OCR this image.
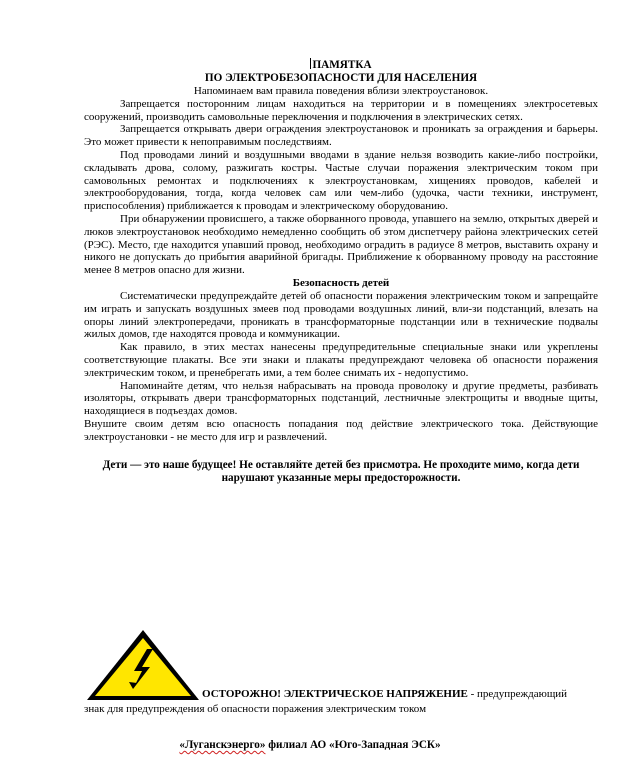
ПАМЯТКА
ПО ЭЛЕКТРОБЕЗОПАСНОСТИ ДЛЯ НАСЕЛЕНИЯ

Напоминаем вам правила поведения вблизи электроустановок.

Запрещается посторонним лицам находиться на территории и в помещениях электросетевых сооружений, производить самовольные переключения и подключения в электрических сетях.

Запрещается открывать двери ограждения электроустановок и проникать за ограждения и барьеры. Это может привести к непоправимым последствиям.

Под проводами линий и воздушными вводами в здание нельзя возводить какие-либо постройки, складывать дрова, солому, разжигать костры. Частые случаи поражения электрическим током при самовольных ремонтах и подключениях к электроустановкам, хищениях проводов, кабелей и электрооборудования, тогда, когда человек сам или чем-либо (удочка, части техники, инструмент, приспособления) приближается к проводам и электрическому оборудованию.

При обнаружении провисшего, а также оборванного провода, упавшего на землю, открытых дверей и люков электроустановок необходимо немедленно сообщить об этом диспетчеру района электрических сетей (РЭС). Место, где находится упавший провод, необходимо оградить в радиусе 8 метров, выставить охрану и никого не допускать до прибытия аварийной бригады. Приближение к оборванному проводу на расстояние менее 8 метров опасно для жизни.

Безопасность детей

Систематически предупреждайте детей об опасности поражения электрическим током и запрещайте им играть и запускать воздушных змеев под проводами воздушных линий, вли-зи подстанций, влезать на опоры линий электропередачи, проникать в трансформаторные подстанции или в технические подвалы жилых домов, где находятся провода и коммуникации.

Как правило, в этих местах нанесены предупредительные специальные знаки или укреплены соответствующие плакаты. Все эти знаки и плакаты предупреждают человека об опасности поражения электрическим током, и пренебрегать ими, а тем более снимать их - недопустимо.

Напоминайте детям, что нельзя набрасывать на провода проволоку и другие предметы, разбивать изоляторы, открывать двери трансформаторных подстанций, лестничные электрощиты и вводные щиты, находящиеся в подъездах домов.

Внушите своим детям всю опасность попадания под действие электрического тока. Действующие электроустановки - не место для игр и развлечений.

Дети — это наше будущее! Не оставляйте детей без присмотра. Не проходите мимо, когда дети нарушают указанные меры предосторожности.
ОСТОРОЖНО! ЭЛЕКТРИЧЕСКОЕ НАПРЯЖЕНИЕ - предупреждающий
знак для предупреждения об опасности поражения электрическим током
«Луганскэнерго» филиал АО «Юго-Западная ЭСК»
